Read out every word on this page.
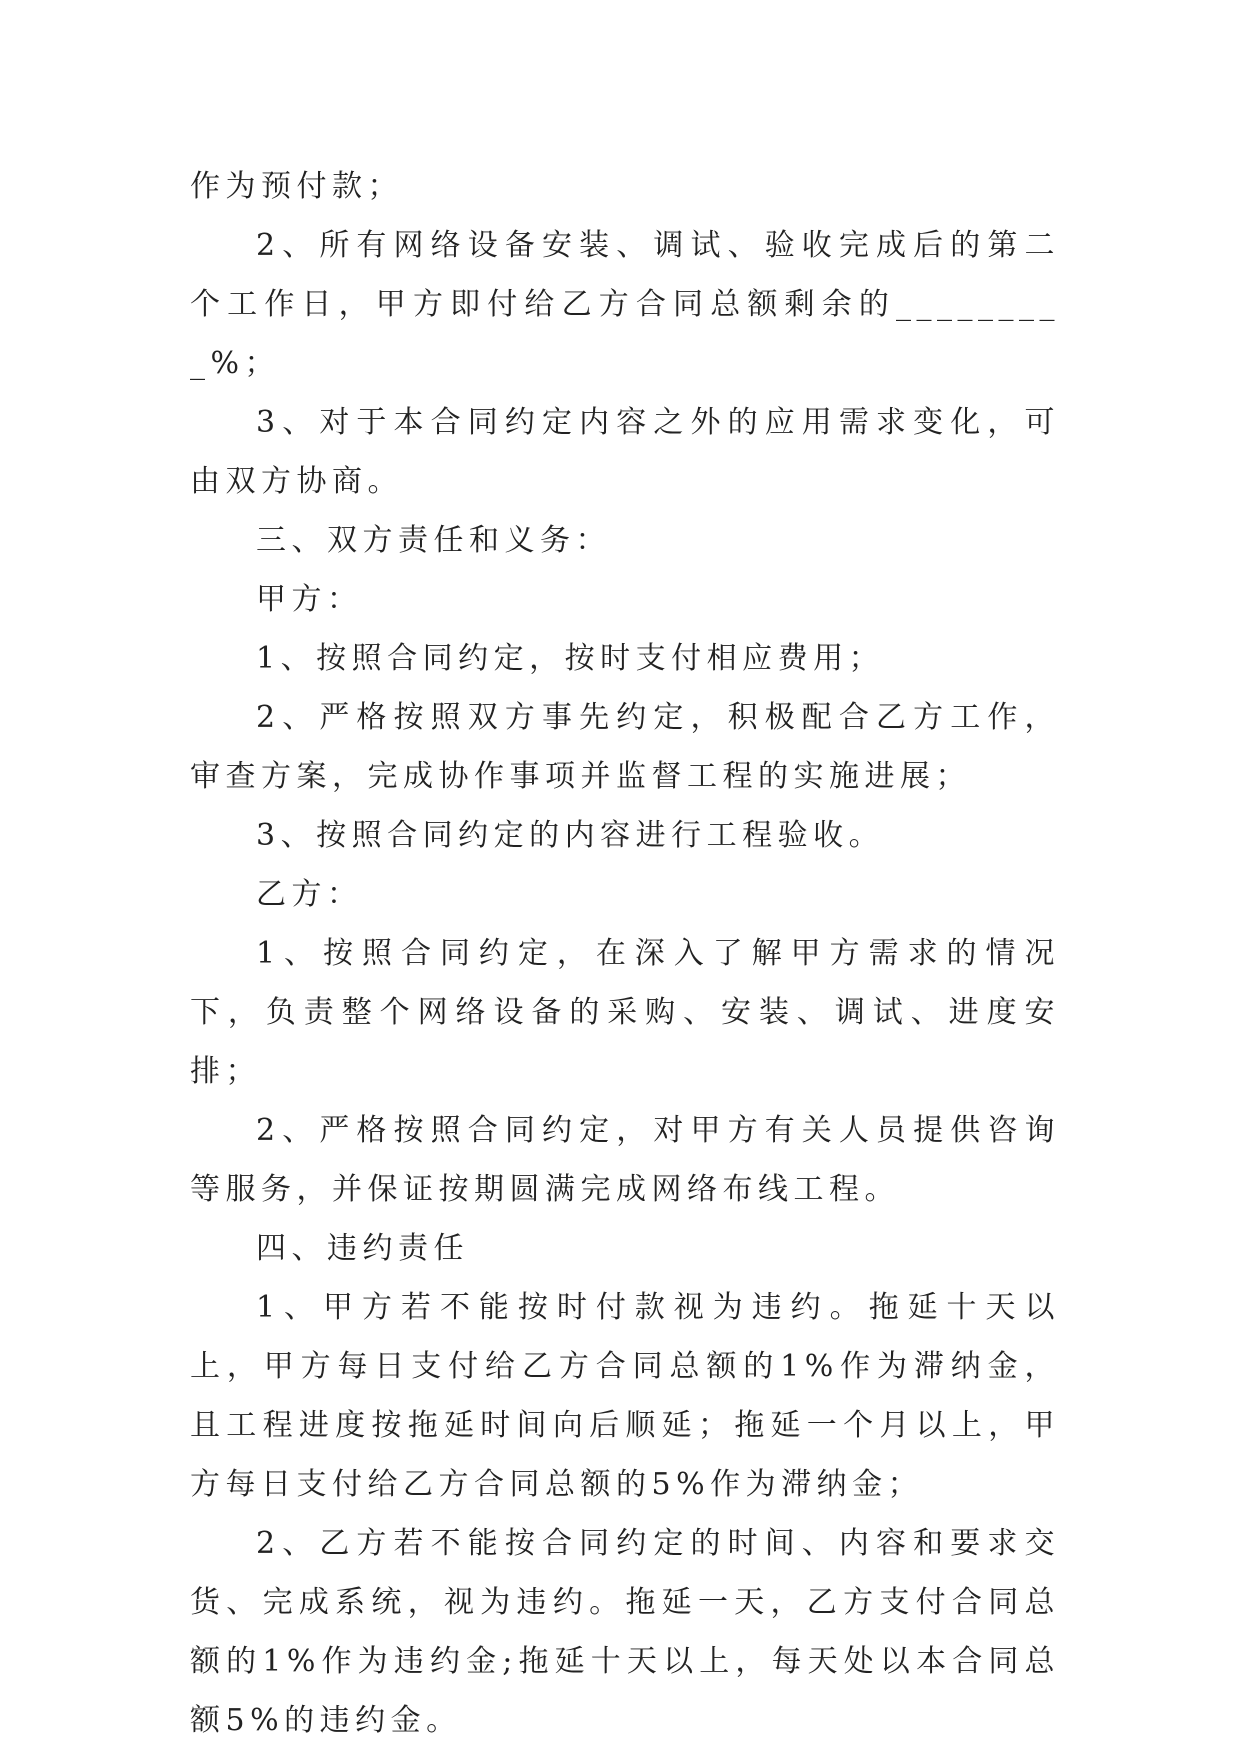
作为预付款；

2、所有网络设备安装、调试、验收完成后的第二个工作日，甲方即付给乙方合同总额剩余的_________%；

3、对于本合同约定内容之外的应用需求变化，可由双方协商。

三、双方责任和义务：

甲方：

1、按照合同约定，按时支付相应费用；

2、严格按照双方事先约定，积极配合乙方工作，审查方案，完成协作事项并监督工程的实施进展；

3、按照合同约定的内容进行工程验收。

乙方：

1、按照合同约定，在深入了解甲方需求的情况下，负责整个网络设备的采购、安装、调试、进度安排；

2、严格按照合同约定，对甲方有关人员提供咨询等服务，并保证按期圆满完成网络布线工程。

四、违约责任

1、甲方若不能按时付款视为违约。拖延十天以上，甲方每日支付给乙方合同总额的1%作为滞纳金，且工程进度按拖延时间向后顺延；拖延一个月以上，甲方每日支付给乙方合同总额的5%作为滞纳金；

2、乙方若不能按合同约定的时间、内容和要求交货、完成系统，视为违约。拖延一天，乙方支付合同总额的1%作为违约金;拖延十天以上，每天处以本合同总额5%的违约金。
